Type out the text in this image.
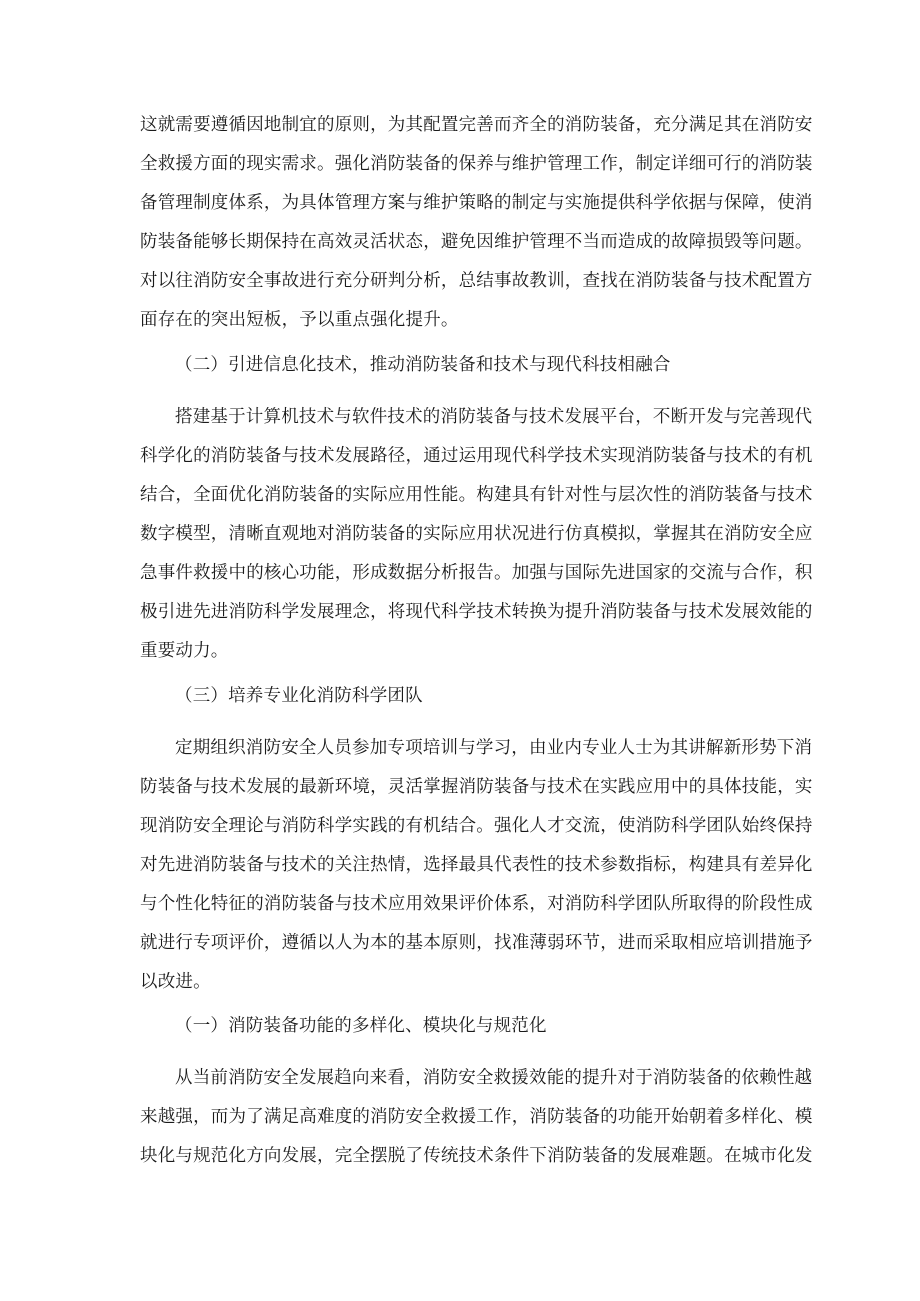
这就需要遵循因地制宜的原则，为其配置完善而齐全的消防装备，充分满足其在消防安
全救援方面的现实需求。强化消防装备的保养与维护管理工作，制定详细可行的消防装
备管理制度体系，为具体管理方案与维护策略的制定与实施提供科学依据与保障，使消
防装备能够长期保持在高效灵活状态，避免因维护管理不当而造成的故障损毁等问题。
对以往消防安全事故进行充分研判分析，总结事故教训，查找在消防装备与技术配置方
面存在的突出短板，予以重点强化提升。
（二）引进信息化技术，推动消防装备和技术与现代科技相融合
搭建基于计算机技术与软件技术的消防装备与技术发展平台，不断开发与完善现代
科学化的消防装备与技术发展路径，通过运用现代科学技术实现消防装备与技术的有机
结合，全面优化消防装备的实际应用性能。构建具有针对性与层次性的消防装备与技术
数字模型，清晰直观地对消防装备的实际应用状况进行仿真模拟，掌握其在消防安全应
急事件救援中的核心功能，形成数据分析报告。加强与国际先进国家的交流与合作，积
极引进先进消防科学发展理念，将现代科学技术转换为提升消防装备与技术发展效能的
重要动力。
（三）培养专业化消防科学团队
定期组织消防安全人员参加专项培训与学习，由业内专业人士为其讲解新形势下消
防装备与技术发展的最新环境，灵活掌握消防装备与技术在实践应用中的具体技能，实
现消防安全理论与消防科学实践的有机结合。强化人才交流，使消防科学团队始终保持
对先进消防装备与技术的关注热情，选择最具代表性的技术参数指标，构建具有差异化
与个性化特征的消防装备与技术应用效果评价体系，对消防科学团队所取得的阶段性成
就进行专项评价，遵循以人为本的基本原则，找准薄弱环节，进而采取相应培训措施予
以改进。
（一）消防装备功能的多样化、模块化与规范化
从当前消防安全发展趋向来看，消防安全救援效能的提升对于消防装备的依赖性越
来越强，而为了满足高难度的消防安全救援工作，消防装备的功能开始朝着多样化、模
块化与规范化方向发展，完全摆脱了传统技术条件下消防装备的发展难题。在城市化发
